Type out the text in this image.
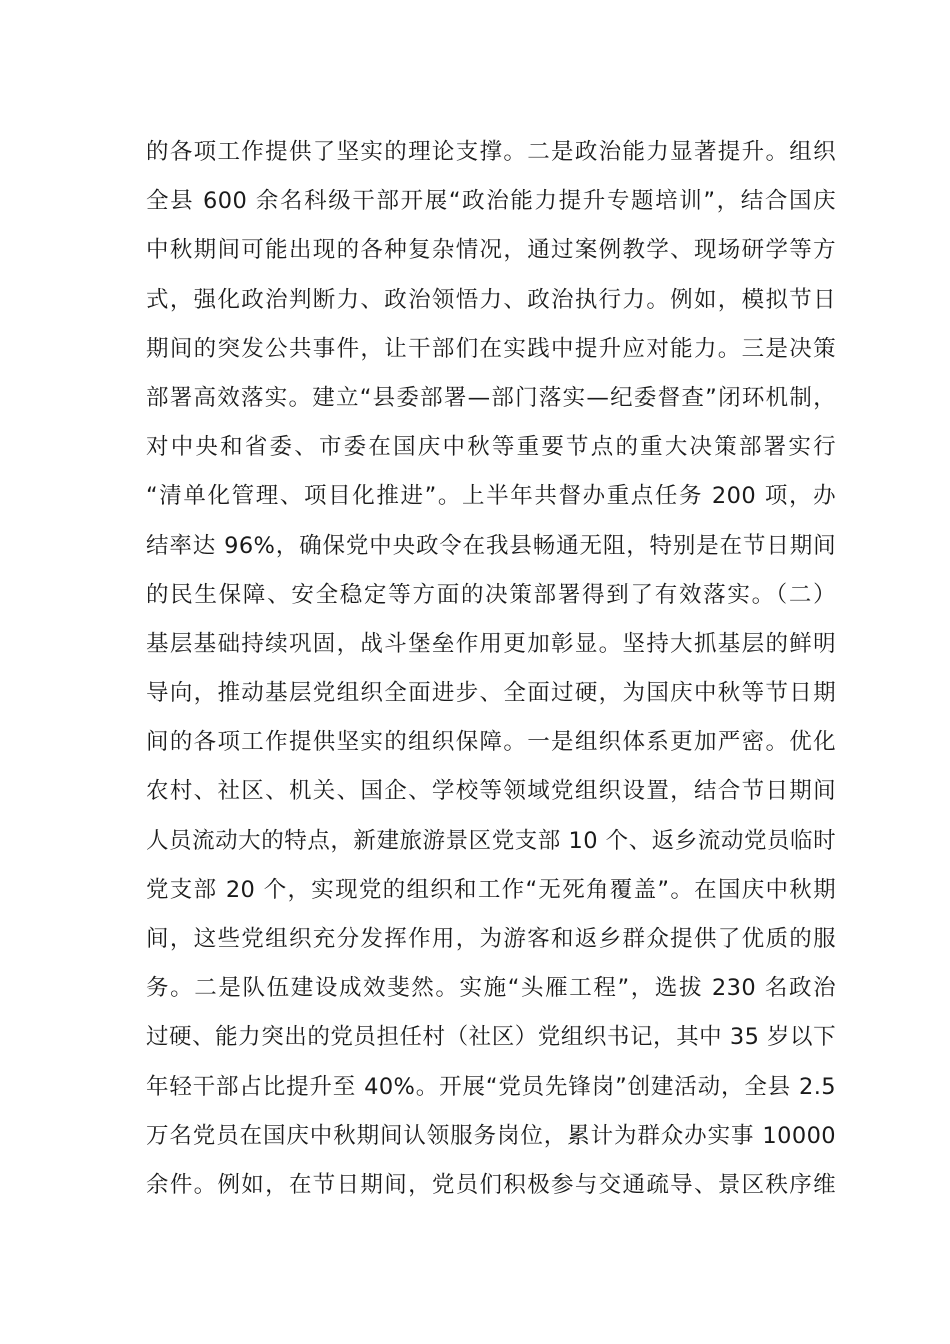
的各项工作提供了坚实的理论支撑。二是政治能力显著提升。组织
全县 600 余名科级干部开展“政治能力提升专题培训”，结合国庆
中秋期间可能出现的各种复杂情况，通过案例教学、现场研学等方
式，强化政治判断力、政治领悟力、政治执行力。例如，模拟节日
期间的突发公共事件，让干部们在实践中提升应对能力。三是决策
部署高效落实。建立“县委部署—部门落实—纪委督查”闭环机制，
对中央和省委、市委在国庆中秋等重要节点的重大决策部署实行
“清单化管理、项目化推进”。上半年共督办重点任务 200 项，办
结率达 96%，确保党中央政令在我县畅通无阻，特别是在节日期间
的民生保障、安全稳定等方面的决策部署得到了有效落实。（二）
基层基础持续巩固，战斗堡垒作用更加彰显。坚持大抓基层的鲜明
导向，推动基层党组织全面进步、全面过硬，为国庆中秋等节日期
间的各项工作提供坚实的组织保障。一是组织体系更加严密。优化
农村、社区、机关、国企、学校等领域党组织设置，结合节日期间
人员流动大的特点，新建旅游景区党支部 10 个、返乡流动党员临时
党支部 20 个，实现党的组织和工作“无死角覆盖”。在国庆中秋期
间，这些党组织充分发挥作用，为游客和返乡群众提供了优质的服
务。二是队伍建设成效斐然。实施“头雁工程”，选拔 230 名政治
过硬、能力突出的党员担任村（社区）党组织书记，其中 35 岁以下
年轻干部占比提升至 40%。开展“党员先锋岗”创建活动，全县 2.5
万名党员在国庆中秋期间认领服务岗位，累计为群众办实事 10000
余件。例如，在节日期间，党员们积极参与交通疏导、景区秩序维
